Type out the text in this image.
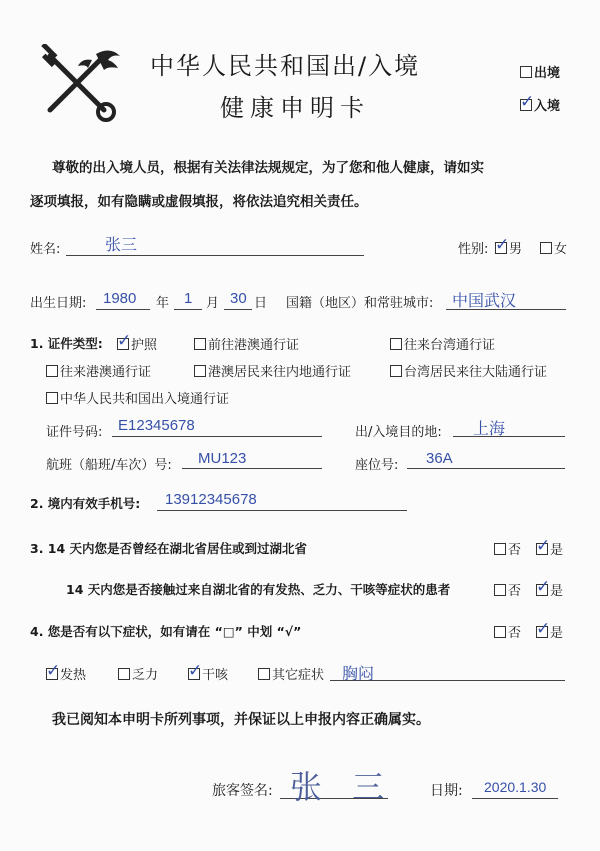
中华人民共和国出/入境
健康申明卡
出境
✓入境
尊敬的出入境人员，根据有关法律法规规定，为了您和他人健康，请如实
逐项填报，如有隐瞒或虚假填报，将依法追究相关责任。
姓名:	张三	性别: ✓	男	女
出生日期: 1980 年 1 月 30 日 国籍（地区）和常驻城市: 中国武汉
1. 证件类型: ✓	护照	前往港澳通行证	往来台湾通行证
往来港澳通行证	港澳居民来往内地通行证	台湾居民来往大陆通行证
中华人民共和国出入境通行证
证件号码: E12345678	出/入境目的地: 上海
航班（船班/车次）号: MU123	座位号: 36A
2. 境内有效手机号: 13912345678
3. 14 天内您是否曾经在湖北省居住或到过湖北省	否 ✓	是
14 天内您是否接触过来自湖北省的有发热、乏力、干咳等症状的患者	否 ✓	是
4. 您是否有以下症状，如有请在 “□” 中划 “√”	否 ✓	是
✓发热	乏力 ✓	干咳	其它症状 胸闷
我已阅知本申明卡所列事项，并保证以上申报内容正确属实。
旅客签名: 张 三	日期: 2020.1.30
